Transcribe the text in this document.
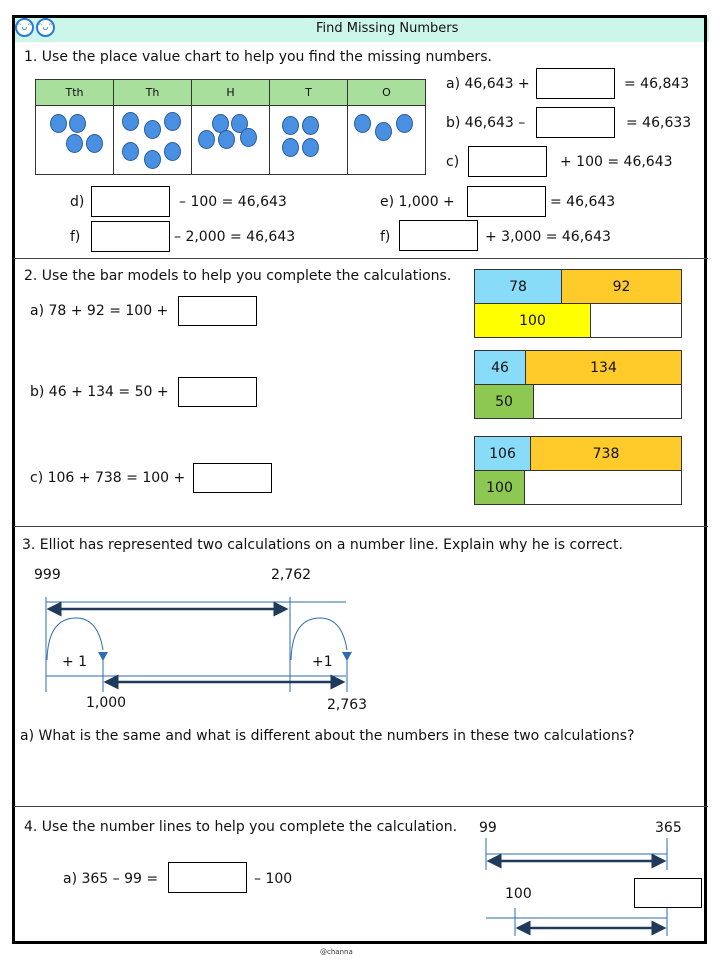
ᵔᴗᵔ ᵔᴗᵔ	Find Missing Numbers
1. Use the place value chart to help you find the missing numbers.
Tth	Th	H	T	O

a) 46,643 +	= 46,843
b) 46,643 –	= 46,633
c)	+ 100 = 46,643
d)	– 100 = 46,643	e) 1,000 +	= 46,643
f)	– 2,000 = 46,643	f)	+ 3,000 = 46,643
2. Use the bar models to help you complete the calculations.
a) 78 + 92 = 100 +
b) 46 + 134 = 50 +
c) 106 + 738 = 100 +
78	92
100
46	134
50
106	738
100
3. Elliot has represented two calculations on a number line. Explain why he is correct.
999	2,762
+ 1	+1
1,000	2,763
a) What is the same and what is different about the numbers in these two calculations?
4. Use the number lines to help you complete the calculation.
a) 365 – 99 =	– 100
99	365
100
@channa
